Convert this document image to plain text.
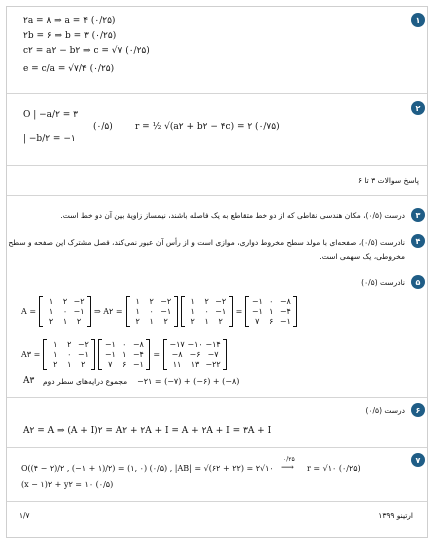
۱
۲a = ۸ ⇒ a = ۴ (۰/۲۵)
۲b = ۶ ⇒ b = ۳ (۰/۲۵)
c۲ = a۲ − b۲ ⇒ c = √۷ (۰/۲۵)
e = c/a = √۷/۴ (۰/۲۵)
۲
O | −a/۲ = ۳
| −b/۲ = −۱
(۰/۵) r = ½ √(a۲ + b۲ − ۴c) = ۲ (۰/۷۵)
پاسخ سوالات ۳ تا ۶
۳
درست (۰/۵)، مکان هندسی نقاطی که از دو خط متقاطع به یک فاصله باشند، نیمساز زاویهٔ بین آن دو خط است.
۴
نادرست (۰/۵)، صفحه‌ای با مولد سطح مخروط دواری، موازی است و از رأس آن عبور نمی‌کند، فصل مشترک این صفحه و سطح
مخروطی، یک سهمی است.
۵
نادرست (۰/۵)
A =
۱	۲ −۲
۱	۰ −۱
۲	۱	۲
⇒ A۲ =
۱	۲ −۲
۱	۰ −۱
۲	۱	۲
۱	۲ −۲
۱	۰ −۱
۲	۱	۲
=
−۱ ۰ −۸
−۱ ۱ −۴
۷	۶ −۱
A۳ =
۱	۲ −۲
۱	۰ −۱
۲	۱	۲
−۱ ۰ −۸
−۱ ۱ −۴
۷	۶ −۱
=
−۱۷ −۱۰ −۱۴
−۸ −۶ −۷
۱۱	۱۳ −۲۲
A۳ مجموع درایه‌های سطر دوم −۲۱ = (−۷) + (−۶) + (−۸)
۶
درست (۰/۵)
A۲ = A ⇒ (A + I)۲ = A۲ + ۲A + I = A + ۲A + I = ۳A + I
۷
O((۴ − ۲)/۲ , (−۱ + ۱)/۲) = (۱, ۰) (۰/۵) , |AB| = √(۶۲ + ۲۲) = ۲√۱۰
۰/۲۵
⟶ r = √۱۰ (۰/۲۵)
(x − ۱)۲ + y۲ = ۱۰ (۰/۵)
۱/۷	ارتینو ۱۳۹۹
